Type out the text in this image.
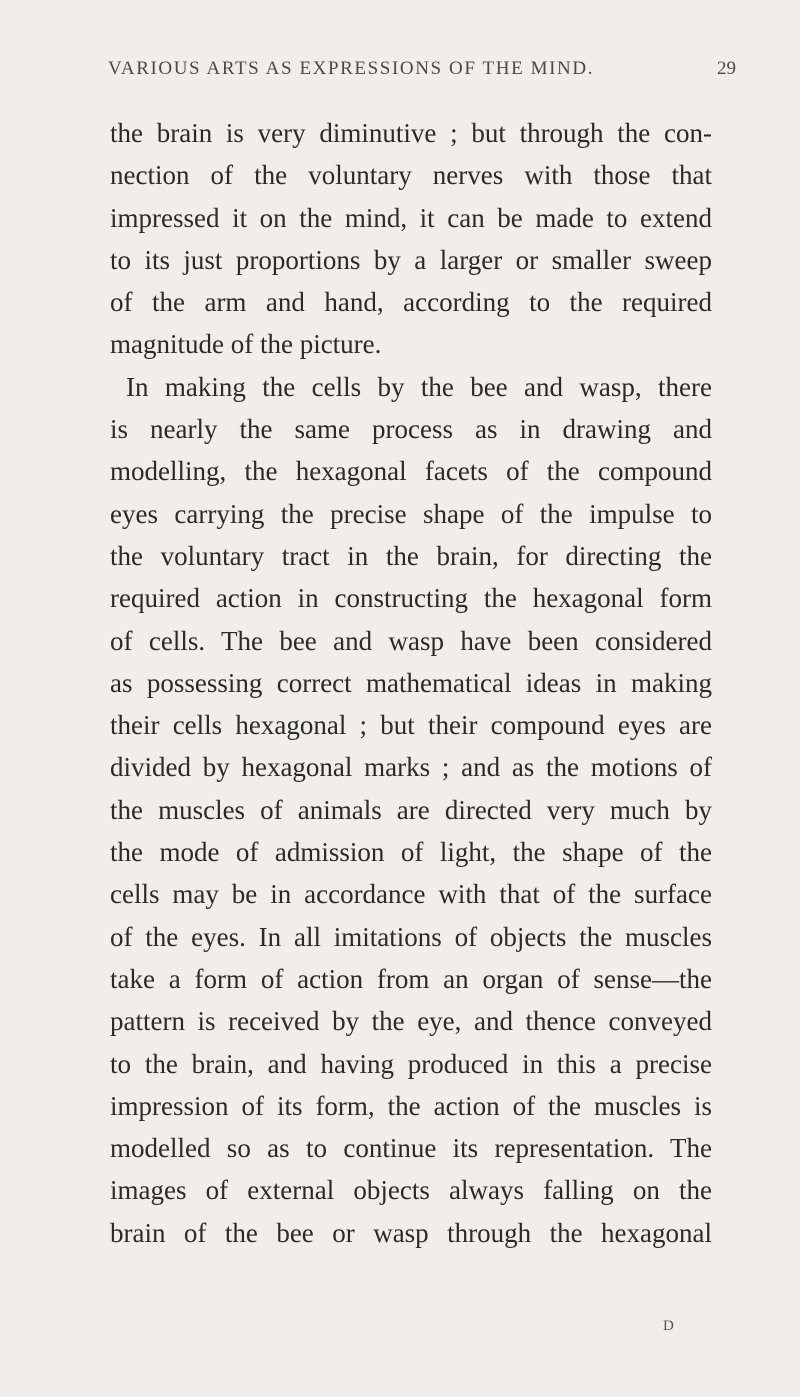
VARIOUS ARTS AS EXPRESSIONS OF THE MIND.	29
the brain is very diminutive ; but through the con-
nection of the voluntary nerves with those that
impressed it on the mind, it can be made to extend
to its just proportions by a larger or smaller sweep
of the arm and hand, according to the required
magnitude of the picture.
In making the cells by the bee and wasp, there
is nearly the same process as in drawing and
modelling, the hexagonal facets of the compound
eyes carrying the precise shape of the impulse to
the voluntary tract in the brain, for directing the
required action in constructing the hexagonal form
of cells. The bee and wasp have been considered
as possessing correct mathematical ideas in making
their cells hexagonal ; but their compound eyes are
divided by hexagonal marks ; and as the motions of
the muscles of animals are directed very much by
the mode of admission of light, the shape of the
cells may be in accordance with that of the surface
of the eyes. In all imitations of objects the muscles
take a form of action from an organ of sense—the
pattern is received by the eye, and thence conveyed
to the brain, and having produced in this a precise
impression of its form, the action of the muscles is
modelled so as to continue its representation. The
images of external objects always falling on the
brain of the bee or wasp through the hexagonal
D
